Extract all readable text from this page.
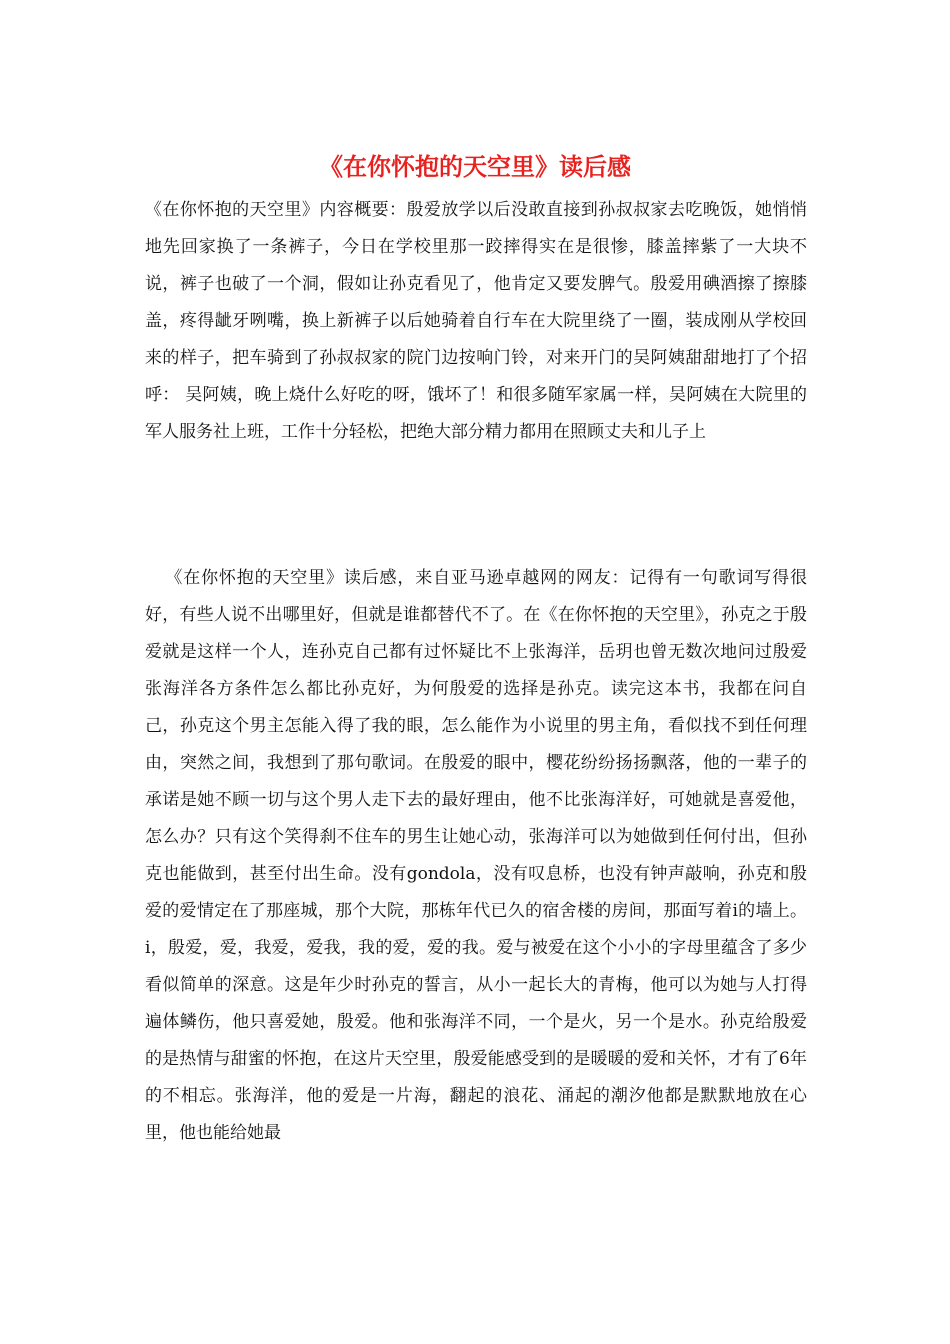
《在你怀抱的天空里》读后感

《在你怀抱的天空里》内容概要：殷爱放学以后没敢直接到孙叔叔家去吃晚饭，她悄悄地先回家换了一条裤子，今日在学校里那一跤摔得实在是很惨，膝盖摔紫了一大块不说，裤子也破了一个洞，假如让孙克看见了，他肯定又要发脾气。殷爱用碘酒擦了擦膝盖，疼得龇牙咧嘴，换上新裤子以后她骑着自行车在大院里绕了一圈，装成刚从学校回来的样子，把车骑到了孙叔叔家的院门边按响门铃，对来开门的吴阿姨甜甜地打了个招呼： 吴阿姨，晚上烧什么好吃的呀，饿坏了！和很多随军家属一样，吴阿姨在大院里的军人服务社上班，工作十分轻松，把绝大部分精力都用在照顾丈夫和儿子上

《在你怀抱的天空里》读后感，来自亚马逊卓越网的网友：记得有一句歌词写得很好，有些人说不出哪里好，但就是谁都替代不了。在《在你怀抱的天空里》，孙克之于殷爱就是这样一个人，连孙克自己都有过怀疑比不上张海洋，岳玥也曾无数次地问过殷爱张海洋各方条件怎么都比孙克好，为何殷爱的选择是孙克。读完这本书，我都在问自己，孙克这个男主怎能入得了我的眼，怎么能作为小说里的男主角，看似找不到任何理由，突然之间，我想到了那句歌词。在殷爱的眼中，樱花纷纷扬扬飘落，他的一辈子的承诺是她不顾一切与这个男人走下去的最好理由，他不比张海洋好，可她就是喜爱他，怎么办？只有这个笑得刹不住车的男生让她心动，张海洋可以为她做到任何付出，但孙克也能做到，甚至付出生命。没有gondola，没有叹息桥，也没有钟声敲响，孙克和殷爱的爱情定在了那座城，那个大院，那栋年代已久的宿舍楼的房间，那面写着i的墙上。 i，殷爱，爱，我爱，爱我，我的爱，爱的我。爱与被爱在这个小小的字母里蕴含了多少看似简单的深意。这是年少时孙克的誓言，从小一起长大的青梅，他可以为她与人打得遍体鳞伤，他只喜爱她，殷爱。他和张海洋不同，一个是火，另一个是水。孙克给殷爱的是热情与甜蜜的怀抱，在这片天空里，殷爱能感受到的是暖暖的爱和关怀，才有了6年的不相忘。张海洋，他的爱是一片海，翻起的浪花、涌起的潮汐他都是默默地放在心里，他也能给她最
